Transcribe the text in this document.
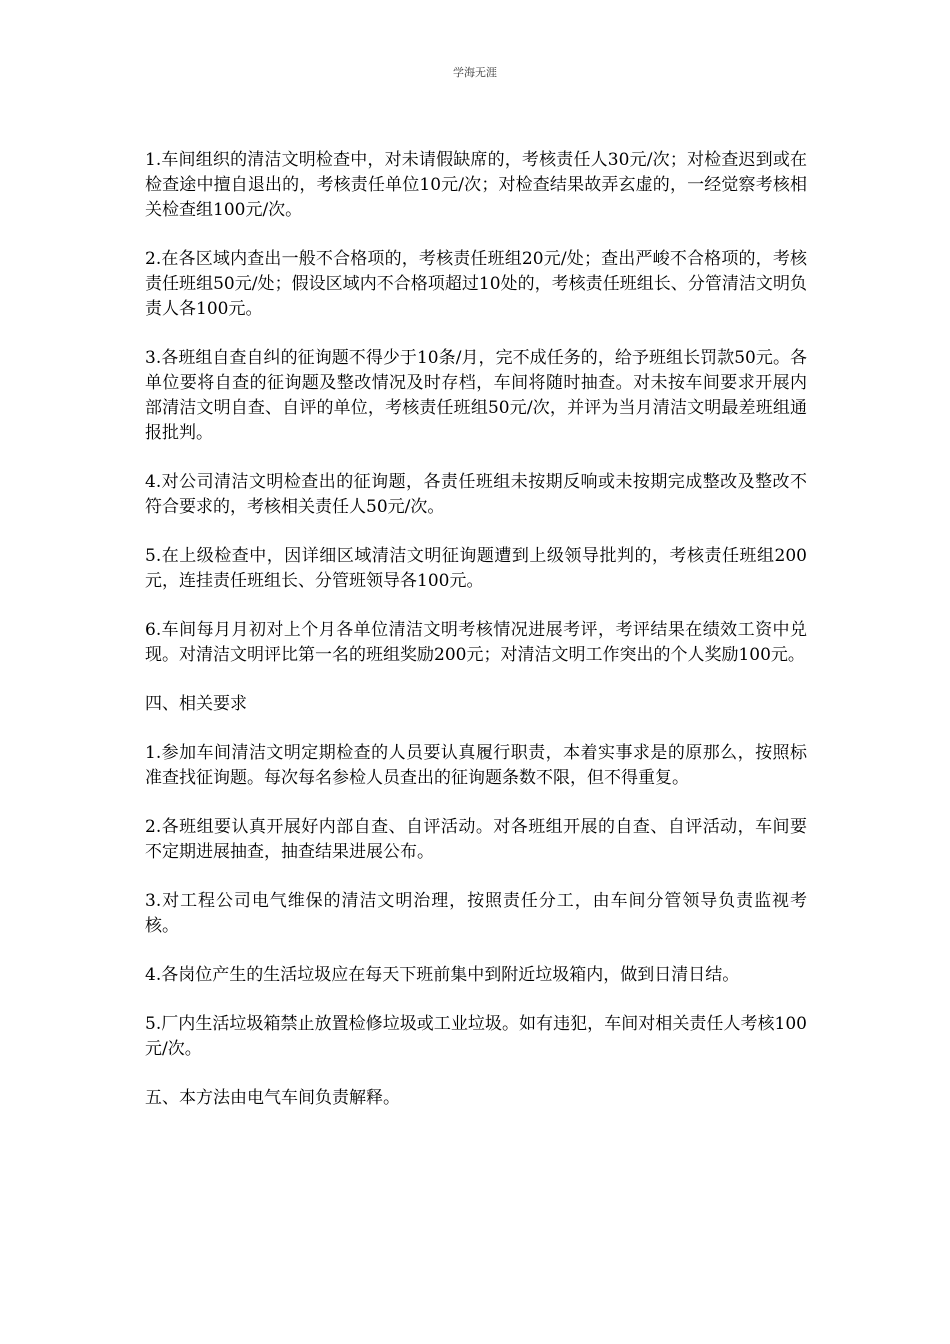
学海无涯

1.车间组织的清洁文明检查中，对未请假缺席的，考核责任人30元/次；对检查迟到或在检查途中擅自退出的，考核责任单位10元/次；对检查结果故弄玄虚的，一经觉察考核相关检查组100元/次。

2.在各区域内查出一般不合格项的，考核责任班组20元/处；查出严峻不合格项的，考核责任班组50元/处；假设区域内不合格项超过10处的，考核责任班组长、分管清洁文明负责人各100元。

3.各班组自查自纠的征询题不得少于10条/月，完不成任务的，给予班组长罚款50元。各单位要将自查的征询题及整改情况及时存档，车间将随时抽查。对未按车间要求开展内部清洁文明自查、自评的单位，考核责任班组50元/次，并评为当月清洁文明最差班组通报批判。

4.对公司清洁文明检查出的征询题，各责任班组未按期反响或未按期完成整改及整改不符合要求的，考核相关责任人50元/次。

5.在上级检查中，因详细区域清洁文明征询题遭到上级领导批判的，考核责任班组200元，连挂责任班组长、分管班领导各100元。

6.车间每月月初对上个月各单位清洁文明考核情况进展考评，考评结果在绩效工资中兑现。对清洁文明评比第一名的班组奖励200元；对清洁文明工作突出的个人奖励100元。

四、相关要求

1.参加车间清洁文明定期检查的人员要认真履行职责，本着实事求是的原那么，按照标准查找征询题。每次每名参检人员查出的征询题条数不限，但不得重复。

2.各班组要认真开展好内部自查、自评活动。对各班组开展的自查、自评活动，车间要不定期进展抽查，抽查结果进展公布。

3.对工程公司电气维保的清洁文明治理，按照责任分工，由车间分管领导负责监视考核。

4.各岗位产生的生活垃圾应在每天下班前集中到附近垃圾箱内，做到日清日结。

5.厂内生活垃圾箱禁止放置检修垃圾或工业垃圾。如有违犯，车间对相关责任人考核100元/次。

五、本方法由电气车间负责解释。
